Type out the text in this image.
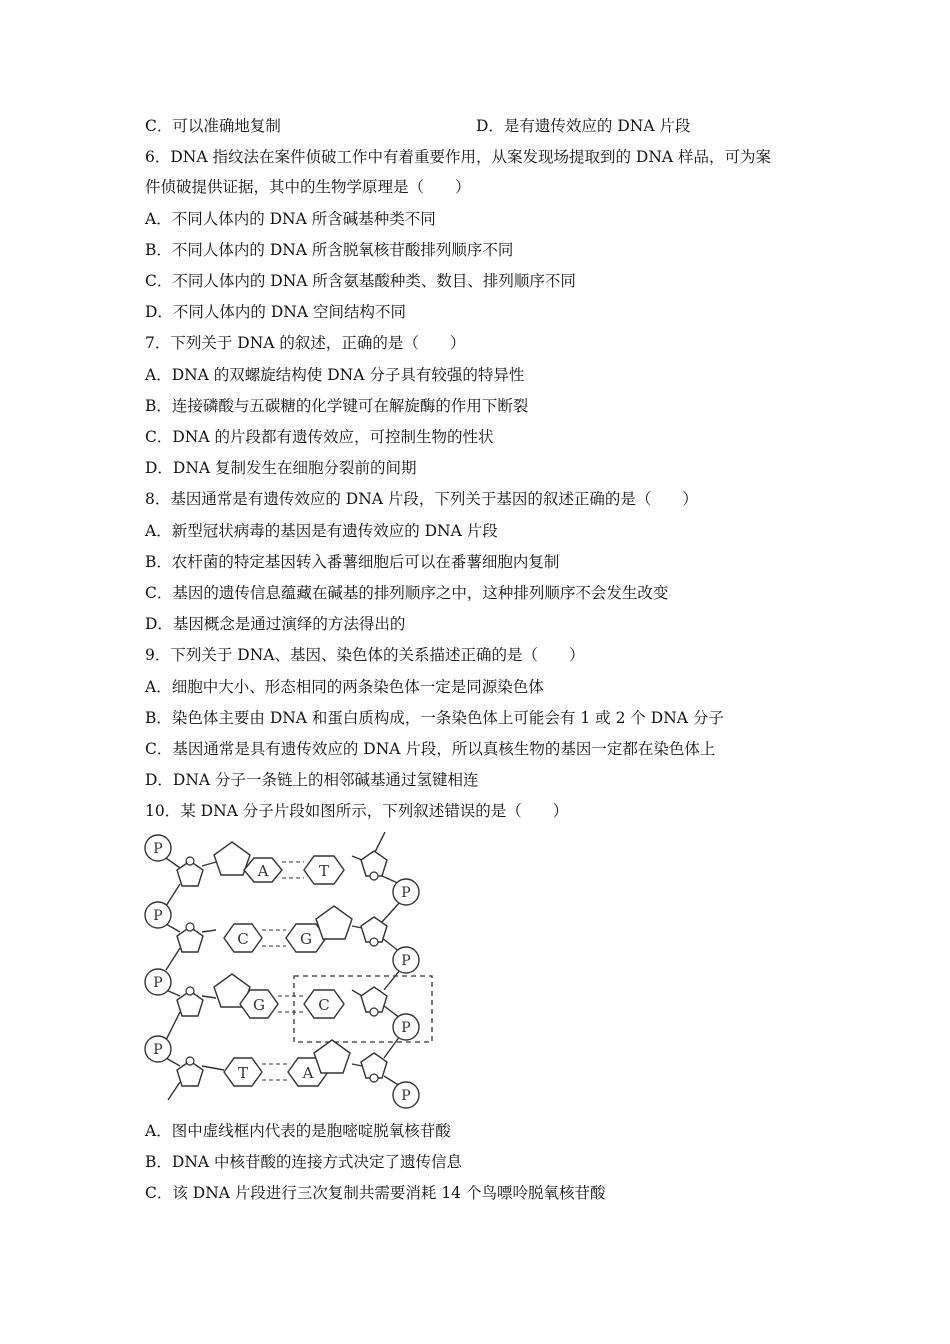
C．可以准确地复制	D．是有遗传效应的 DNA 片段
6．DNA 指纹法在案件侦破工作中有着重要作用，从案发现场提取到的 DNA 样品，可为案
件侦破提供证据，其中的生物学原理是（　　）
A．不同人体内的 DNA 所含碱基种类不同
B．不同人体内的 DNA 所含脱氧核苷酸排列顺序不同
C．不同人体内的 DNA 所含氨基酸种类、数目、排列顺序不同
D．不同人体内的 DNA 空间结构不同
7．下列关于 DNA 的叙述，正确的是（　　）
A．DNA 的双螺旋结构使 DNA 分子具有较强的特异性
B．连接磷酸与五碳糖的化学键可在解旋酶的作用下断裂
C．DNA 的片段都有遗传效应，可控制生物的性状
D．DNA 复制发生在细胞分裂前的间期
8．基因通常是有遗传效应的 DNA 片段，下列关于基因的叙述正确的是（　　）
A．新型冠状病毒的基因是有遗传效应的 DNA 片段
B．农杆菌的特定基因转入番薯细胞后可以在番薯细胞内复制
C．基因的遗传信息蕴藏在碱基的排列顺序之中，这种排列顺序不会发生改变
D．基因概念是通过演绎的方法得出的
9．下列关于 DNA、基因、染色体的关系描述正确的是（　　）
A．细胞中大小、形态相同的两条染色体一定是同源染色体
B．染色体主要由 DNA 和蛋白质构成，一条染色体上可能会有 1 或 2 个 DNA 分子
C．基因通常是具有遗传效应的 DNA 片段，所以真核生物的基因一定都在染色体上
D．DNA 分子一条链上的相邻碱基通过氢键相连
10．某 DNA 分子片段如图所示，下列叙述错误的是（　　）
A	T
C	G
G	C
T	A
P
P
P
P
P
P
P
P
A．图中虚线框内代表的是胞嘧啶脱氧核苷酸
B．DNA 中核苷酸的连接方式决定了遗传信息
C．该 DNA 片段进行三次复制共需要消耗 14 个鸟嘌呤脱氧核苷酸
